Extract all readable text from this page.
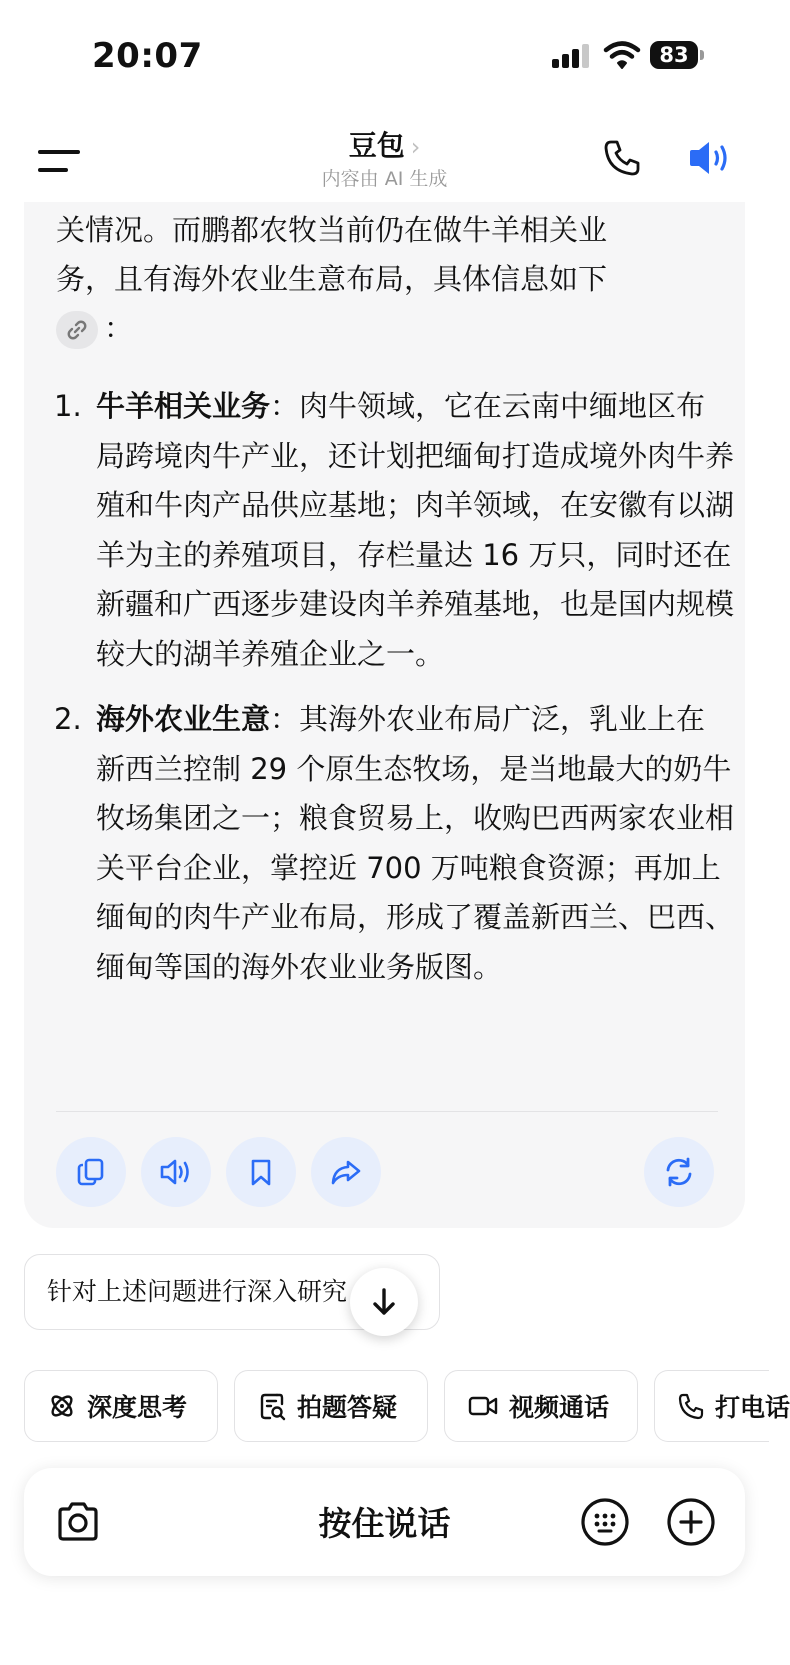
20:07	83
关情况。而鹏都农牧当前仍在做牛羊相关业
务，且有海外农业生意布局，具体信息如下
：
1. 牛羊相关业务：肉牛领域，它在云南中缅地区布局跨境肉牛产业，还计划把缅甸打造成境外肉牛养殖和牛肉产品供应基地；肉羊领域，在安徽有以湖羊为主的养殖项目，存栏量达 16 万只，同时还在新疆和广西逐步建设肉羊养殖基地，也是国内规模较大的湖羊养殖企业之一。
2. 海外农业生意：其海外农业布局广泛，乳业上在新西兰控制 29 个原生态牧场，是当地最大的奶牛牧场集团之一；粮食贸易上，收购巴西两家农业相关平台企业，掌控近 700 万吨粮食资源；再加上缅甸的肉牛产业布局，形成了覆盖新西兰、巴西、缅甸等国的海外农业业务版图。
豆包 ›
内容由 AI 生成
针对上述问题进行深入研究
深度思考	拍题答疑	视频通话	打电话
按住说话
